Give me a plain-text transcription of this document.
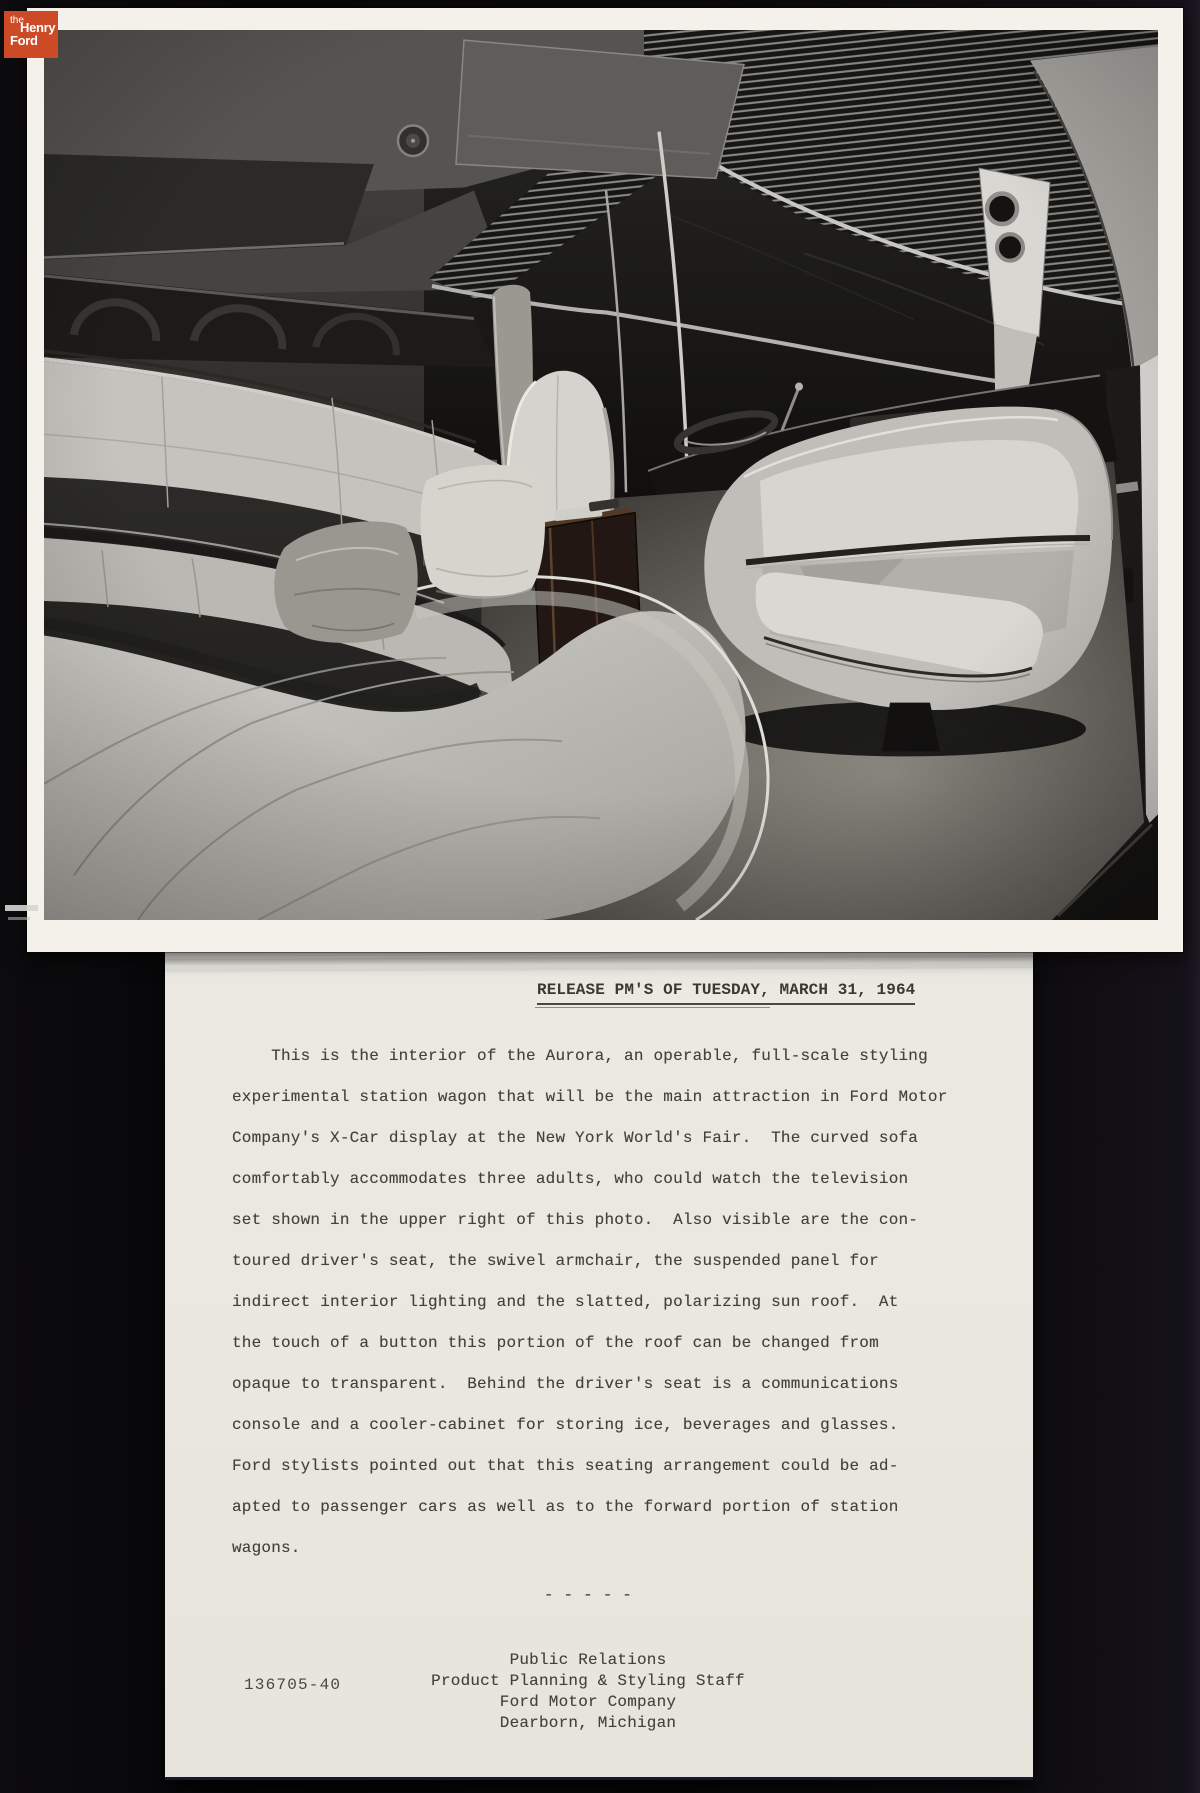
the
Henry
Ford
RELEASE PM'S OF TUESDAY, MARCH 31, 1964
This is the interior of the Aurora, an operable, full-scale styling
experimental station wagon that will be the main attraction in Ford Motor
Company's X-Car display at the New York World's Fair.  The curved sofa
comfortably accommodates three adults, who could watch the television
set shown in the upper right of this photo.  Also visible are the con-
toured driver's seat, the swivel armchair, the suspended panel for
indirect interior lighting and the slatted, polarizing sun roof.  At
the touch of a button this portion of the roof can be changed from
opaque to transparent.  Behind the driver's seat is a communications
console and a cooler-cabinet for storing ice, beverages and glasses.
Ford stylists pointed out that this seating arrangement could be ad-
apted to passenger cars as well as to the forward portion of station
wagons.

- - - - -

Public Relations
Product Planning & Styling Staff
Ford Motor Company
Dearborn, Michigan

136705-40
